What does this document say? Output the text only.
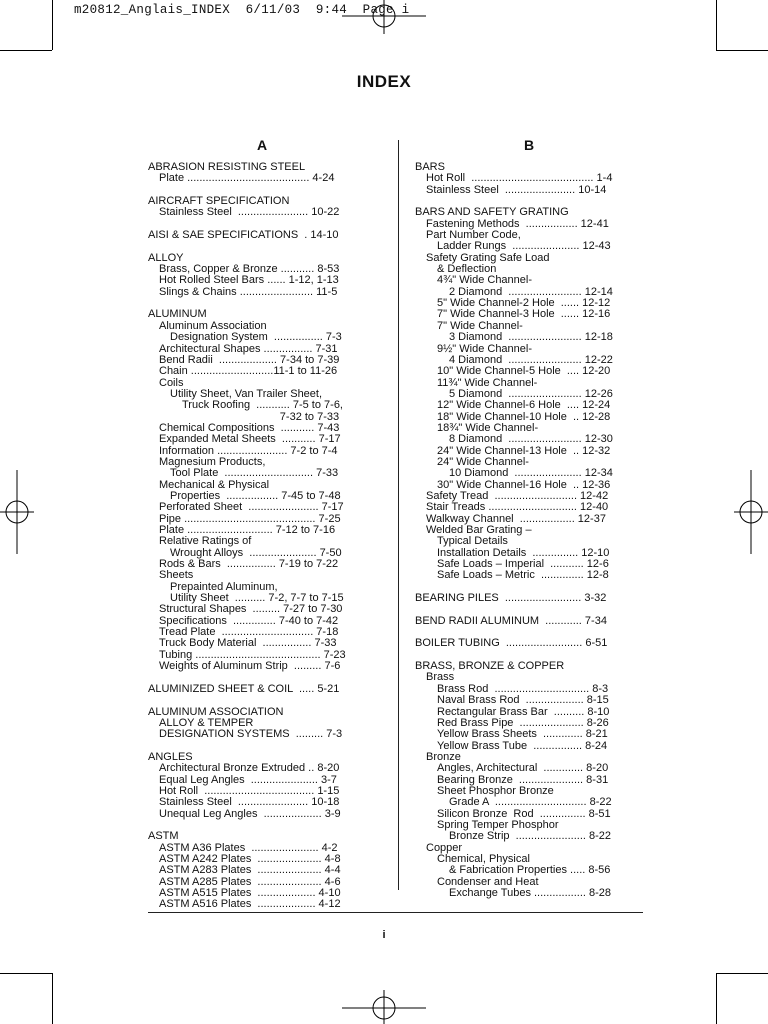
m20812_Anglais_INDEX  6/11/03  9:44  Page i
INDEX
A
ABRASION RESISTING STEEL
Plate ........................................ 4-24
AIRCRAFT SPECIFICATION
Stainless Steel  ....................... 10-22
AISI & SAE SPECIFICATIONS  . 14-10
ALLOY
Brass, Copper & Bronze ........... 8-53
Hot Rolled Steel Bars ...... 1-12, 1-13
Slings & Chains ........................ 11-5
ALUMINUM
Aluminum Association
Designation System  ................ 7-3
Architectural Shapes ................ 7-31
Bend Radii  ................... 7-34 to 7-39
Chain ...........................11-1 to 11-26
Coils
Utility Sheet, Van Trailer Sheet,
Truck Roofing  ........... 7-5 to 7-6,
7-32 to 7-33
Chemical Compositions  ........... 7-43
Expanded Metal Sheets  ........... 7-17
Information ....................... 7-2 to 7-4
Magnesium Products,
Tool Plate  ............................. 7-33
Mechanical & Physical
Properties  ................. 7-45 to 7-48
Perforated Sheet  ....................... 7-17
Pipe ........................................... 7-25
Plate ............................ 7-12 to 7-16
Relative Ratings of
Wrought Alloys  ...................... 7-50
Rods & Bars  ................ 7-19 to 7-22
Sheets
Prepainted Aluminum,
Utility Sheet  .......... 7-2, 7-7 to 7-15
Structural Shapes  ......... 7-27 to 7-30
Specifications  .............. 7-40 to 7-42
Tread Plate  .............................. 7-18
Truck Body Material  ................ 7-33
Tubing ......................................... 7-23
Weights of Aluminum Strip  ......... 7-6
ALUMINIZED SHEET & COIL  ..... 5-21
ALUMINUM ASSOCIATION
ALLOY & TEMPER
DESIGNATION SYSTEMS  ......... 7-3
ANGLES
Architectural Bronze Extruded .. 8-20
Equal Leg Angles  ...................... 3-7
Hot Roll  .................................... 1-15
Stainless Steel  ....................... 10-18
Unequal Leg Angles  ................... 3-9
ASTM
ASTM A36 Plates  ...................... 4-2
ASTM A242 Plates  ..................... 4-8
ASTM A283 Plates  ..................... 4-4
ASTM A285 Plates  ..................... 4-6
ASTM A515 Plates  ................... 4-10
ASTM A516 Plates  ................... 4-12
B
BARS
Hot Roll  ........................................ 1-4
Stainless Steel  ....................... 10-14
BARS AND SAFETY GRATING
Fastening Methods  ................. 12-41
Part Number Code,
Ladder Rungs  ...................... 12-43
Safety Grating Safe Load
& Deflection
4¾" Wide Channel-
2 Diamond  ........................ 12-14
5" Wide Channel-2 Hole  ...... 12-12
7" Wide Channel-3 Hole  ...... 12-16
7" Wide Channel-
3 Diamond  ........................ 12-18
9½" Wide Channel-
4 Diamond  ........................ 12-22
10" Wide Channel-5 Hole  .... 12-20
11¾" Wide Channel-
5 Diamond  ........................ 12-26
12" Wide Channel-6 Hole  .... 12-24
18" Wide Channel-10 Hole  .. 12-28
18¾" Wide Channel-
8 Diamond  ........................ 12-30
24" Wide Channel-13 Hole  .. 12-32
24" Wide Channel-
10 Diamond  ...................... 12-34
30" Wide Channel-16 Hole  .. 12-36
Safety Tread  ........................... 12-42
Stair Treads ............................. 12-40
Walkway Channel  .................. 12-37
Welded Bar Grating –
Typical Details
Installation Details  ............... 12-10
Safe Loads – Imperial  ........... 12-6
Safe Loads – Metric  .............. 12-8
BEARING PILES  ......................... 3-32
BEND RADII ALUMINUM  ............ 7-34
BOILER TUBING  ......................... 6-51
BRASS, BRONZE & COPPER
Brass
Brass Rod  ............................... 8-3
Naval Brass Rod  ................... 8-15
Rectangular Brass Bar  .......... 8-10
Red Brass Pipe  ..................... 8-26
Yellow Brass Sheets  ............. 8-21
Yellow Brass Tube  ................ 8-24
Bronze
Angles, Architectural  ............. 8-20
Bearing Bronze  ..................... 8-31
Sheet Phosphor Bronze
Grade A  .............................. 8-22
Silicon Bronze  Rod  ............... 8-51
Spring Temper Phosphor
Bronze Strip  ....................... 8-22
Copper
Chemical, Physical
& Fabrication Properties ..... 8-56
Condenser and Heat
Exchange Tubes ................. 8-28
i
